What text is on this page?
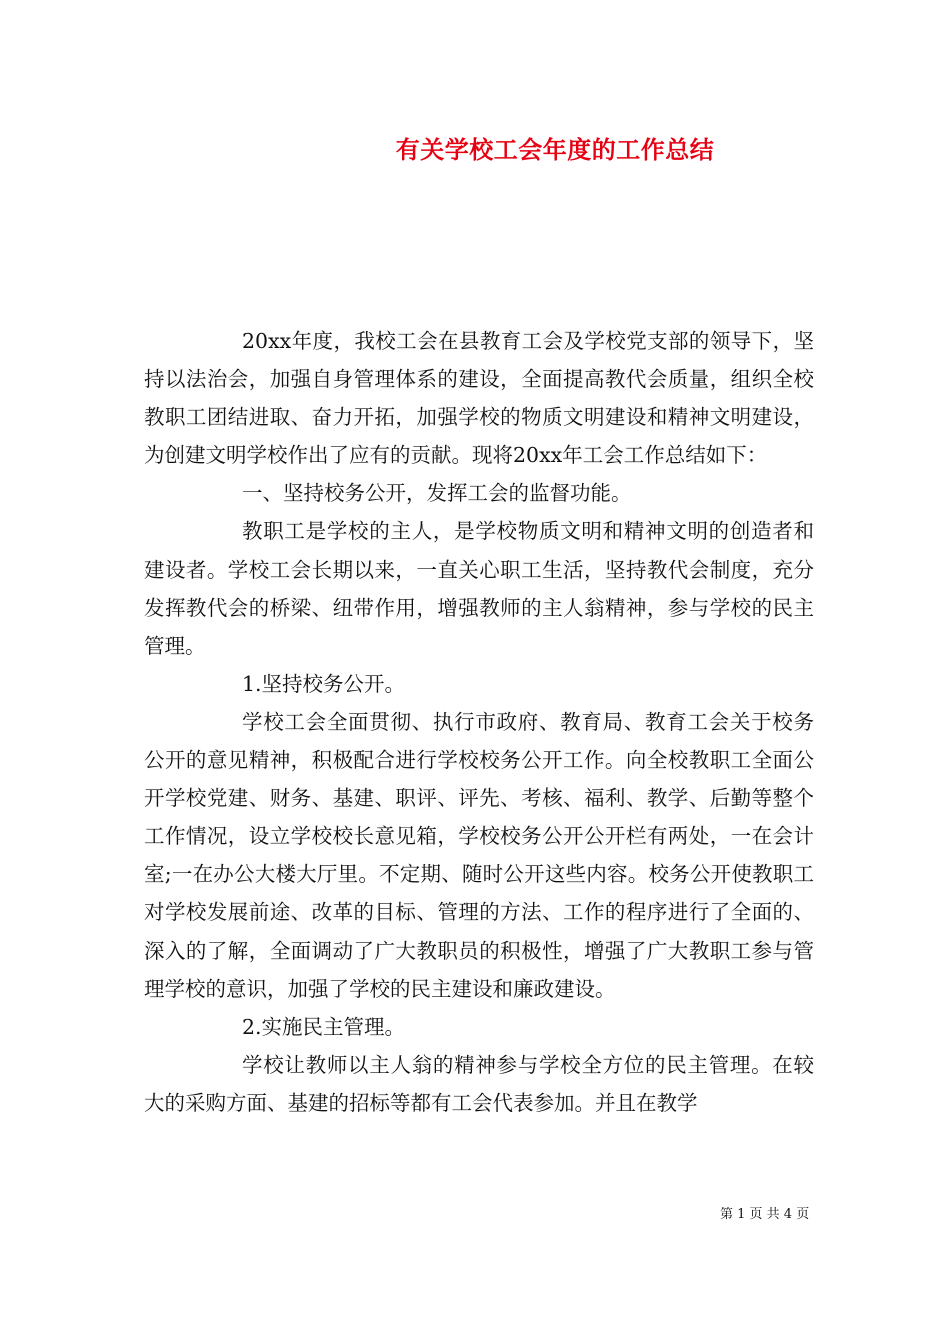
有关学校工会年度的工作总结

20xx年度，我校工会在县教育工会及学校党支部的领导下，坚持以法治会，加强自身管理体系的建设，全面提高教代会质量，组织全校教职工团结进取、奋力开拓，加强学校的物质文明建设和精神文明建设，为创建文明学校作出了应有的贡献。现将20xx年工会工作总结如下：

一、坚持校务公开，发挥工会的监督功能。

教职工是学校的主人，是学校物质文明和精神文明的创造者和建设者。学校工会长期以来，一直关心职工生活，坚持教代会制度，充分发挥教代会的桥梁、纽带作用，增强教师的主人翁精神，参与学校的民主管理。

1.坚持校务公开。

学校工会全面贯彻、执行市政府、教育局、教育工会关于校务公开的意见精神，积极配合进行学校校务公开工作。向全校教职工全面公开学校党建、财务、基建、职评、评先、考核、福利、教学、后勤等整个工作情况，设立学校校长意见箱，学校校务公开公开栏有两处，一在会计室;一在办公大楼大厅里。不定期、随时公开这些内容。校务公开使教职工对学校发展前途、改革的目标、管理的方法、工作的程序进行了全面的、深入的了解，全面调动了广大教职员的积极性，增强了广大教职工参与管理学校的意识，加强了学校的民主建设和廉政建设。

2.实施民主管理。

学校让教师以主人翁的精神参与学校全方位的民主管理。在较大的采购方面、基建的招标等都有工会代表参加。并且在教学

第 1 页 共 4 页
